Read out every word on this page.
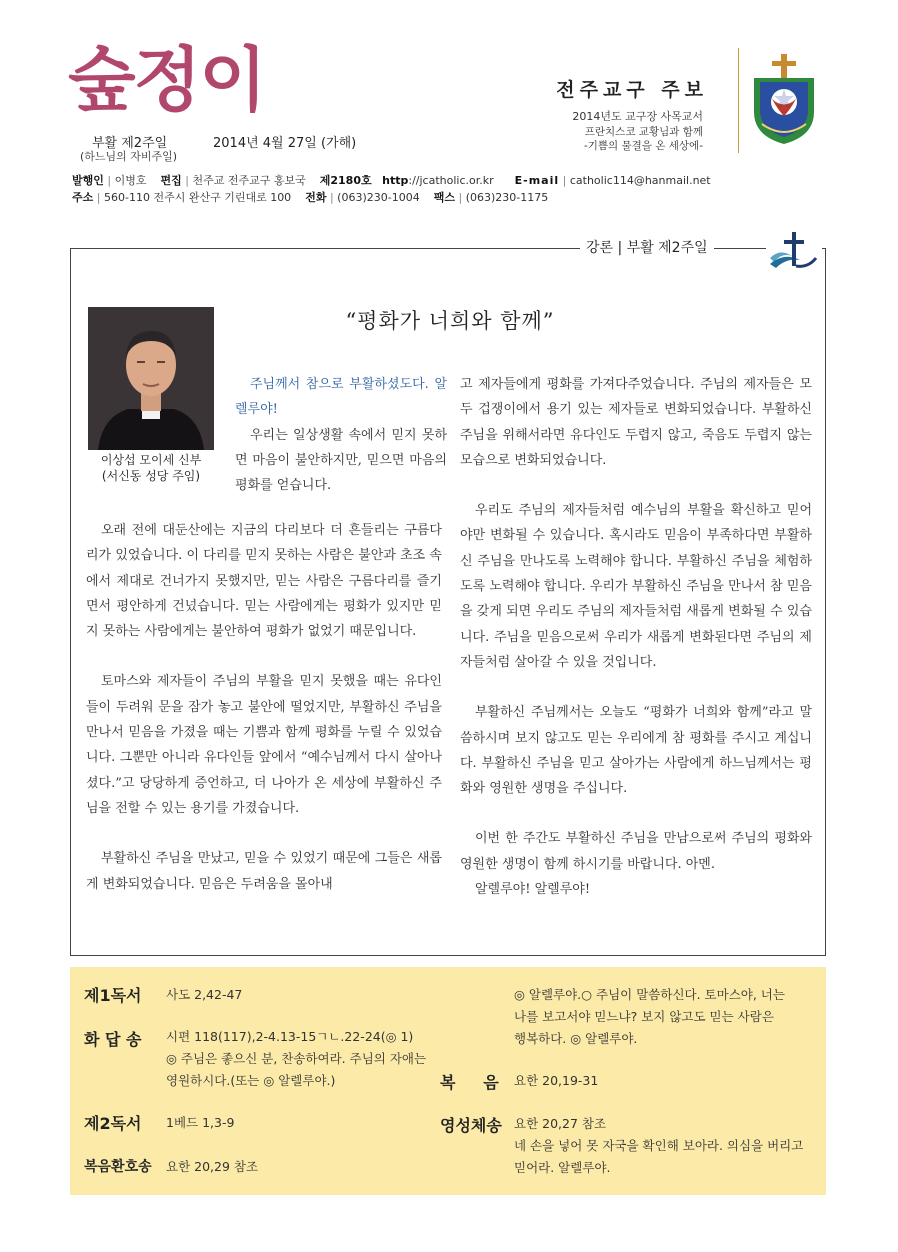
숲정이
부활 제2주일
(하느님의 자비주일)
2014년 4월 27일 (가해)
전주교구 주보
2014년도 교구장 사목교서
프란치스코 교황님과 함께
-기쁨의 물결을 온 세상에-
발행인 | 이병호 편집 | 천주교 전주교구 홍보국 제2180호 http://jcatholic.or.kr E-mail | catholic114@hanmail.net
주소 | 560-110 전주시 완산구 기린대로 100 전화 | (063)230-1004 팩스 | (063)230-1175
강론 | 부활 제2주일
“평화가 너희와 함께”
이상섭 모이세 신부
(서신동 성당 주임)

주님께서 참으로 부활하셨도다. 알렐루야!

우리는 일상생활 속에서 믿지 못하면 마음이 불안하지만, 믿으면 마음의 평화를 얻습니다.

오래 전에 대둔산에는 지금의 다리보다 더 흔들리는 구름다리가 있었습니다. 이 다리를 믿지 못하는 사람은 불안과 초조 속에서 제대로 건너가지 못했지만, 믿는 사람은 구름다리를 즐기면서 평안하게 건넜습니다. 믿는 사람에게는 평화가 있지만 믿지 못하는 사람에게는 불안하여 평화가 없었기 때문입니다.

토마스와 제자들이 주님의 부활을 믿지 못했을 때는 유다인들이 두려워 문을 잠가 놓고 불안에 떨었지만, 부활하신 주님을 만나서 믿음을 가졌을 때는 기쁨과 함께 평화를 누릴 수 있었습니다. 그뿐만 아니라 유다인들 앞에서 “예수님께서 다시 살아나셨다.”고 당당하게 증언하고, 더 나아가 온 세상에 부활하신 주님을 전할 수 있는 용기를 가졌습니다.

부활하신 주님을 만났고, 믿을 수 있었기 때문에 그들은 새롭게 변화되었습니다. 믿음은 두려움을 몰아내

고 제자들에게 평화를 가져다주었습니다. 주님의 제자들은 모두 겁쟁이에서 용기 있는 제자들로 변화되었습니다. 부활하신 주님을 위해서라면 유다인도 두렵지 않고, 죽음도 두렵지 않는 모습으로 변화되었습니다.

우리도 주님의 제자들처럼 예수님의 부활을 확신하고 믿어야만 변화될 수 있습니다. 혹시라도 믿음이 부족하다면 부활하신 주님을 만나도록 노력해야 합니다. 부활하신 주님을 체험하도록 노력해야 합니다. 우리가 부활하신 주님을 만나서 참 믿음을 갖게 되면 우리도 주님의 제자들처럼 새롭게 변화될 수 있습니다. 주님을 믿음으로써 우리가 새롭게 변화된다면 주님의 제자들처럼 살아갈 수 있을 것입니다.

부활하신 주님께서는 오늘도 “평화가 너희와 함께”라고 말씀하시며 보지 않고도 믿는 우리에게 참 평화를 주시고 계십니다. 부활하신 주님을 믿고 살아가는 사람에게 하느님께서는 평화와 영원한 생명을 주십니다.

이번 한 주간도 부활하신 주님을 만남으로써 주님의 평화와 영원한 생명이 함께 하시기를 바랍니다. 아멘.

알렐루야! 알렐루야!

제1독서 사도 2,42-47
화 답 송 시편 118(117),2-4.13-15ㄱㄴ.22-24(◎ 1)
◎ 주님은 좋으신 분, 찬송하여라. 주님의 자애는
영원하시다.(또는 ◎ 알렐루야.)
제2독서 1베드 1,3-9
복음환호송 요한 20,29 참조
◎ 알렐루야.○ 주님이 말씀하신다. 토마스야, 너는
나를 보고서야 믿느냐? 보지 않고도 믿는 사람은
행복하다. ◎ 알렐루야.
복     음 요한 20,19-31
영성체송 요한 20,27 참조
네 손을 넣어 못 자국을 확인해 보아라. 의심을 버리고
믿어라. 알렐루야.
